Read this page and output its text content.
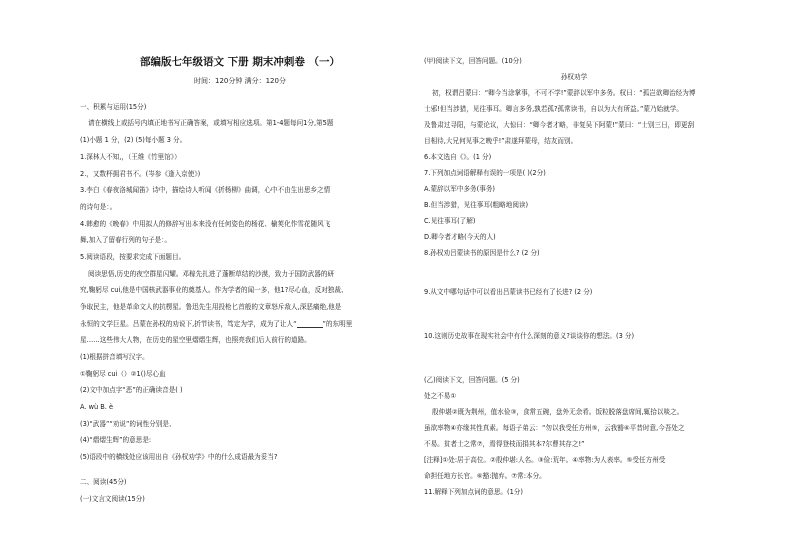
部编版七年级语文 下册 期末冲刺卷 （一）
时间：120分钟 满分：120分
一、积累与运用(15分)
请在横线上或括号内填正地书写正确答案，或填写相应选项。第1-4题每问1分,第5题
(1)小题 1 分，(2) (5)每小题 3 分。
1.深林人不知,，（王维《竹里馆》）
2.，又数杯拥君书不。(岑参《逢入京使》)
3.李白《春夜洛城闻笛》诗中，描绘诗人听闻《折杨柳》曲调，心中不由生出思乡之情
的诗句是：。
4.韩愈的《晚春》中用拟人的修辞写出本来没有任何姿色的杨花、榆荚化作雪花随风飞
舞,加入了留春行列的句子是：。
5.阅读语段，按要求完成下面题目。
阅读思悟,历史的夜空群星闪耀。邓稼先扎进了蓬断草结的沙漠，致力于国防武器的研
究,鞠躬尽 cui,他是中国核武器事业的奠基人。作为学者的闻一多，他1?尽心血，反对独裁、
争取民主，他是革命文人的抗楞星。鲁迅先生用投枪匕首般的文章怒斥敌人,深恶痛绝,他是
永恒的文学巨星。吕蒙在孙权的劝说下,折节读书，笃定为学，成为了让人“	”的东明里
星……这些伟大人物，在历史的星空里熠熠生辉，也照亮我们后人前行的道路。
(1)根据拼音填写汉字。
①鞠躬尽 cui（）②1()尽心血
(2)文中加点字“恶”的正确读音是( )
A. wù B. è
(3)“武器”“劝说”的词性分别是、
(4)“熠熠生辉”的意思是:
(5)语段中的横线处应该用出自《孙权劝学》中的什么成语最为妥当?
二、阅读(45分)
(一)文言文阅读(15分)
(甲)阅读下文，回答问题。(10分)
孙权劝学
初，权谓吕蒙曰：“卿今当涂掌事，不可不学!”蒙辞以军中多务。权曰：“孤岂欲卿治经为博
士邪!但当涉猎，见往事耳。卿言多务,孰若孤?孤常读书，自以为大有所益。”蒙乃始就学。
及鲁肃过寻阳，与蒙论议，大惊曰：“卿今者才略，非复吴下阿蒙!”蒙曰：“士别三日，即更刮
目相待,大兄何见事之晚乎!”肃遂拜蒙母，结友而别。
6.本文选自《》。(1 分)
7.下列加点词语解释有误的一项是( )(2分)
A.蒙辞以军中多务(事务)
B.但当涉猎，见往事耳(粗略地阅读)
C.见往事耳(了解)
D.卿今者才略(今天的人)
8.孙权劝吕蒙读书的原因是什么? (2 分)
9.从文中哪句话中可以看出吕蒙读书已经有了长进? (2 分)
10.这则历史故事在现实社会中有什么深刻的意义?谈谈你的想法。(3 分)
(乙)阅读下文，回答问题。(5 分)
处之不易①
殷仲堪②既为荆州，值水俭③，食常五碗，盘外无余肴。饭粒脱落盘席间,辄拾以啖之。
虽欲率物④亦缘其性真素。每语子弟云：“勿以我受任方州⑤，云我豁⑥平昔时意,今吾处之
不易。贫者士之常⑦，焉得登枝而捐其本?尔曹其存之!”
[注释]①处:居于高位。②殷仲堪:人名。③俭:荒年。④率物:为人表率。⑤受任方州受
命担任地方长官。⑥豁:抛弃。⑦常:本分。
11.解释下列加点词的意思。(1分)
